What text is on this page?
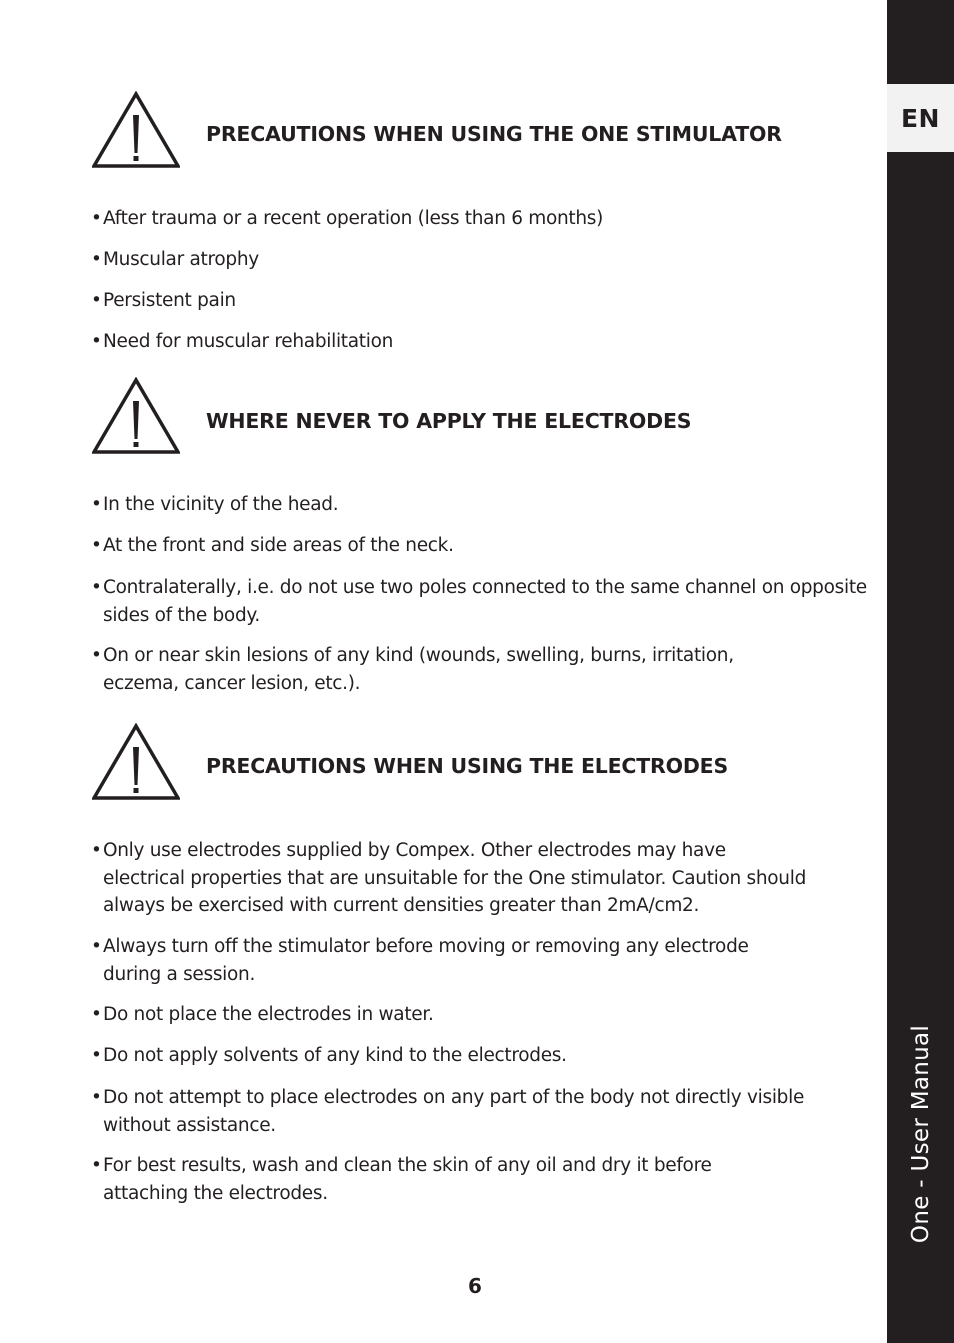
EN
One - User Manual
PRECAUTIONS WHEN USING THE ONE STIMULATOR
• After trauma or a recent operation (less than 6 months)
• Muscular atrophy
• Persistent pain
• Need for muscular rehabilitation
WHERE NEVER TO APPLY THE ELECTRODES
• In the vicinity of the head.
• At the front and side areas of the neck.
• Contralaterally, i.e. do not use two poles connected to the same channel on opposite sides of the body.
• On or near skin lesions of any kind (wounds, swelling, burns, irritation, eczema, cancer lesion, etc.).
PRECAUTIONS WHEN USING THE ELECTRODES
• Only use electrodes supplied by Compex. Other electrodes may have electrical properties that are unsuitable for the One stimulator. Caution should always be exercised with current densities greater than 2mA/cm2.
• Always turn off the stimulator before moving or removing any electrode during a session.
• Do not place the electrodes in water.
• Do not apply solvents of any kind to the electrodes.
• Do not attempt to place electrodes on any part of the body not directly visible without assistance.
• For best results, wash and clean the skin of any oil and dry it before attaching the electrodes.
6
